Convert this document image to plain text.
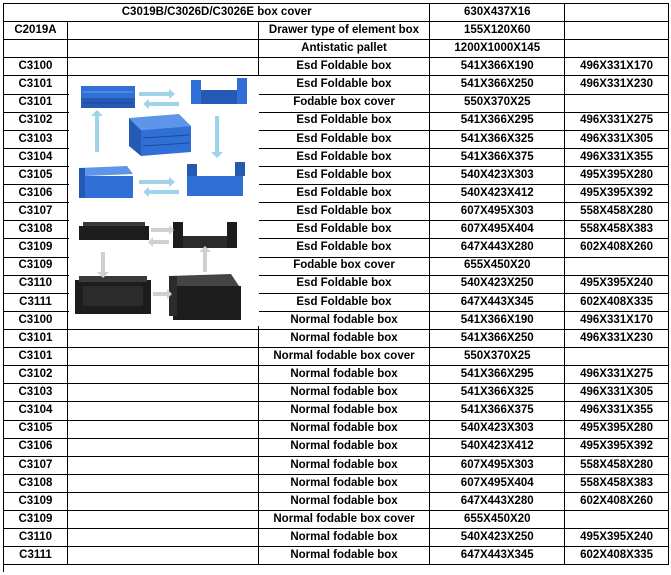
C3019B/C3026D/C3026E box cover	630X437X16
C2019A	Drawer type of element box	155X120X60
Antistatic pallet	1200X1000X145
C3100	Esd Foldable box	541X366X190	496X331X170
C3101	Esd Foldable box	541X366X250	496X331X230
C3101	Fodable box cover	550X370X25
C3102	Esd Foldable box	541X366X295	496X331X275
C3103	Esd Foldable box	541X366X325	496X331X305
C3104	Esd Foldable box	541X366X375	496X331X355
C3105	Esd Foldable box	540X423X303	495X395X280
C3106	Esd Foldable box	540X423X412	495X395X392
C3107	Esd Foldable box	607X495X303	558X458X280
C3108	Esd Foldable box	607X495X404	558X458X383
C3109	Esd Foldable box	647X443X280	602X408X260
C3109	Fodable box cover	655X450X20
C3110	Esd Foldable box	540X423X250	495X395X240
C3111	Esd Foldable box	647X443X345	602X408X335
C3100	Normal fodable box	541X366X190	496X331X170
C3101	Normal fodable box	541X366X250	496X331X230
C3101	Normal fodable box cover	550X370X25
C3102	Normal fodable box	541X366X295	496X331X275
C3103	Normal fodable box	541X366X325	496X331X305
C3104	Normal fodable box	541X366X375	496X331X355
C3105	Normal fodable box	540X423X303	495X395X280
C3106	Normal fodable box	540X423X412	495X395X392
C3107	Normal fodable box	607X495X303	558X458X280
C3108	Normal fodable box	607X495X404	558X458X383
C3109	Normal fodable box	647X443X280	602X408X260
C3109	Normal fodable box cover	655X450X20
C3110	Normal fodable box	540X423X250	495X395X240
C3111	Normal fodable box	647X443X345	602X408X335
